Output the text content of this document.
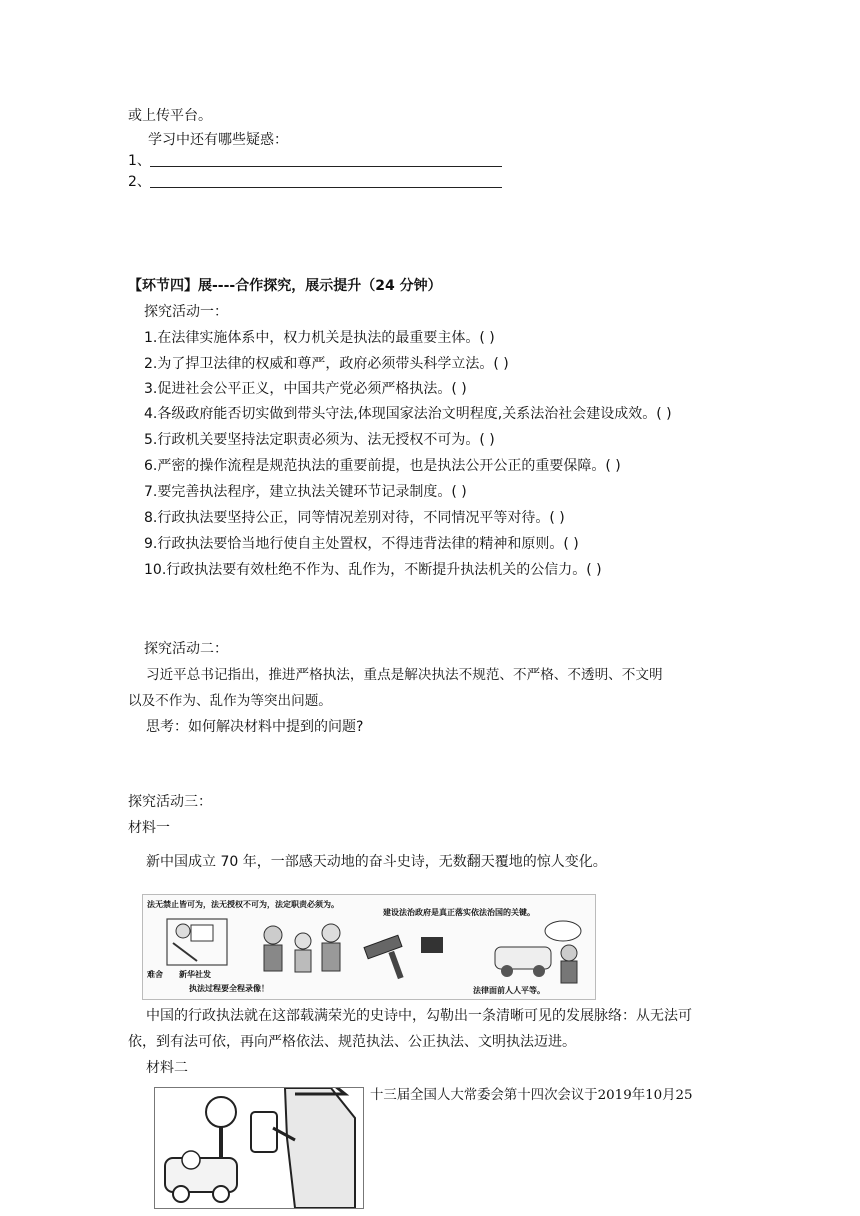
或上传平台。
学习中还有哪些疑惑：
1、
2、
【环节四】展----合作探究，展示提升（24 分钟）
探究活动一：
1.在法律实施体系中，权力机关是执法的最重要主体。( )
2.为了捍卫法律的权威和尊严，政府必须带头科学立法。( )
3.促进社会公平正义，中国共产党必须严格执法。( )
4.各级政府能否切实做到带头守法,体现国家法治文明程度,关系法治社会建设成效。( )
5.行政机关要坚持法定职责必须为、法无授权不可为。( )
6.严密的操作流程是规范执法的重要前提，也是执法公开公正的重要保障。( )
7.要完善执法程序，建立执法关键环节记录制度。( )
8.行政执法要坚持公正，同等情况差别对待，不同情况平等对待。( )
9.行政执法要恰当地行使自主处置权，不得违背法律的精神和原则。( )
10.行政执法要有效杜绝不作为、乱作为，不断提升执法机关的公信力。( )
探究活动二：
习近平总书记指出，推进严格执法，重点是解决执法不规范、不严格、不透明、不文明
以及不作为、乱作为等突出问题。
思考：如何解决材料中提到的问题?
探究活动三：
材料一
新中国成立 70 年，一部感天动地的奋斗史诗，无数翻天覆地的惊人变化。
法无禁止皆可为，法无授权不可为，法定职责必须为。
建设法治政府是真正落实依法治国的关键。
难舍 新华社发
执法过程要全程录像！	法律面前人人平等。
中国的行政执法就在这部载满荣光的史诗中，勾勒出一条清晰可见的发展脉络：从无法可
依，到有法可依，再向严格依法、规范执法、公正执法、文明执法迈进。
材料二
十三届全国人大常委会第十四次会议于2019年10月25
